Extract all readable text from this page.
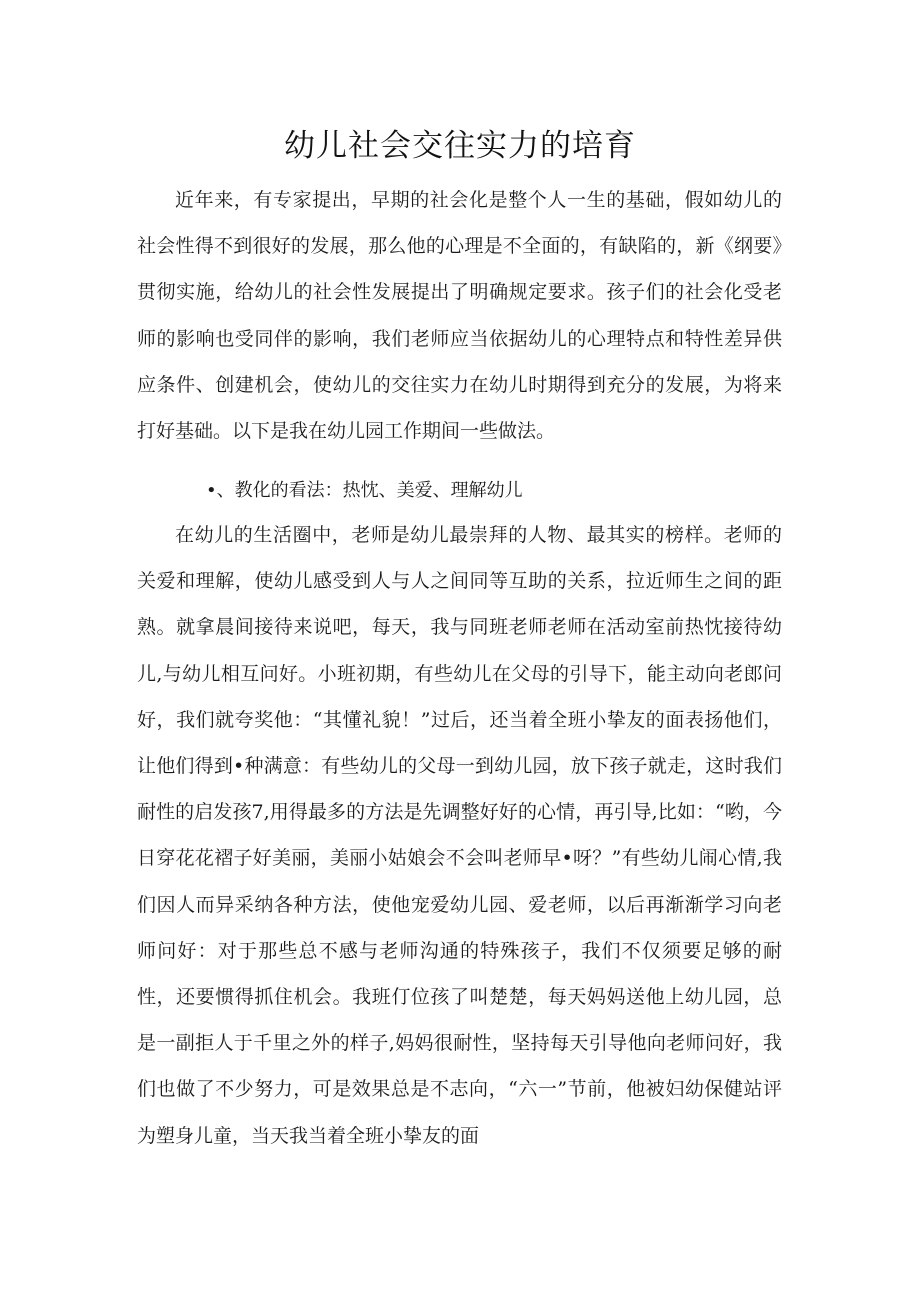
幼儿社会交往实力的培育

近年来，有专家提出，早期的社会化是整个人一生的基础，假如幼儿的社会性得不到很好的发展，那么他的心理是不全面的，有缺陷的，新《纲要》贯彻实施，给幼儿的社会性发展提出了明确规定要求。孩子们的社会化受老师的影响也受同伴的影响，我们老师应当依据幼儿的心理特点和特性差异供应条件、创建机会，使幼儿的交往实力在幼儿时期得到充分的发展，为将来打好基础。以下是我在幼儿园工作期间一些做法。

•、教化的看法：热忱、美爱、理解幼儿

在幼儿的生活圈中，老师是幼儿最崇拜的人物、最其实的榜样。老师的关爱和理解，使幼儿感受到人与人之间同等互助的关系，拉近师生之间的距熟。就拿晨间接待来说吧，每天，我与同班老师老师在活动室前热忱接待幼儿,与幼儿相互问好。小班初期，有些幼儿在父母的引导下，能主动向老郎问好，我们就夸奖他：“其懂礼貌！”过后，还当着全班小挚友的面表扬他们，让他们得到•种满意：有些幼儿的父母一到幼儿园，放下孩子就走，这时我们耐性的启发孩7,用得最多的方法是先调整好好的心情，再引导,比如：“哟，今日穿花花褶子好美丽，美丽小姑娘会不会叫老师早•呀？”有些幼儿闹心情,我们因人而异采纳各种方法，使他宠爱幼儿园、爱老师，以后再渐渐学习向老师问好：对于那些总不感与老师沟通的特殊孩子，我们不仅须要足够的耐性，还要惯得抓住机会。我班仃位孩了叫楚楚，每天妈妈送他上幼儿园，总是一副拒人于千里之外的样子,妈妈很耐性，坚持每天引导他向老师问好，我们也做了不少努力，可是效果总是不志向，“六一”节前，他被妇幼保健站评为塑身儿童，当天我当着全班小挚友的面
